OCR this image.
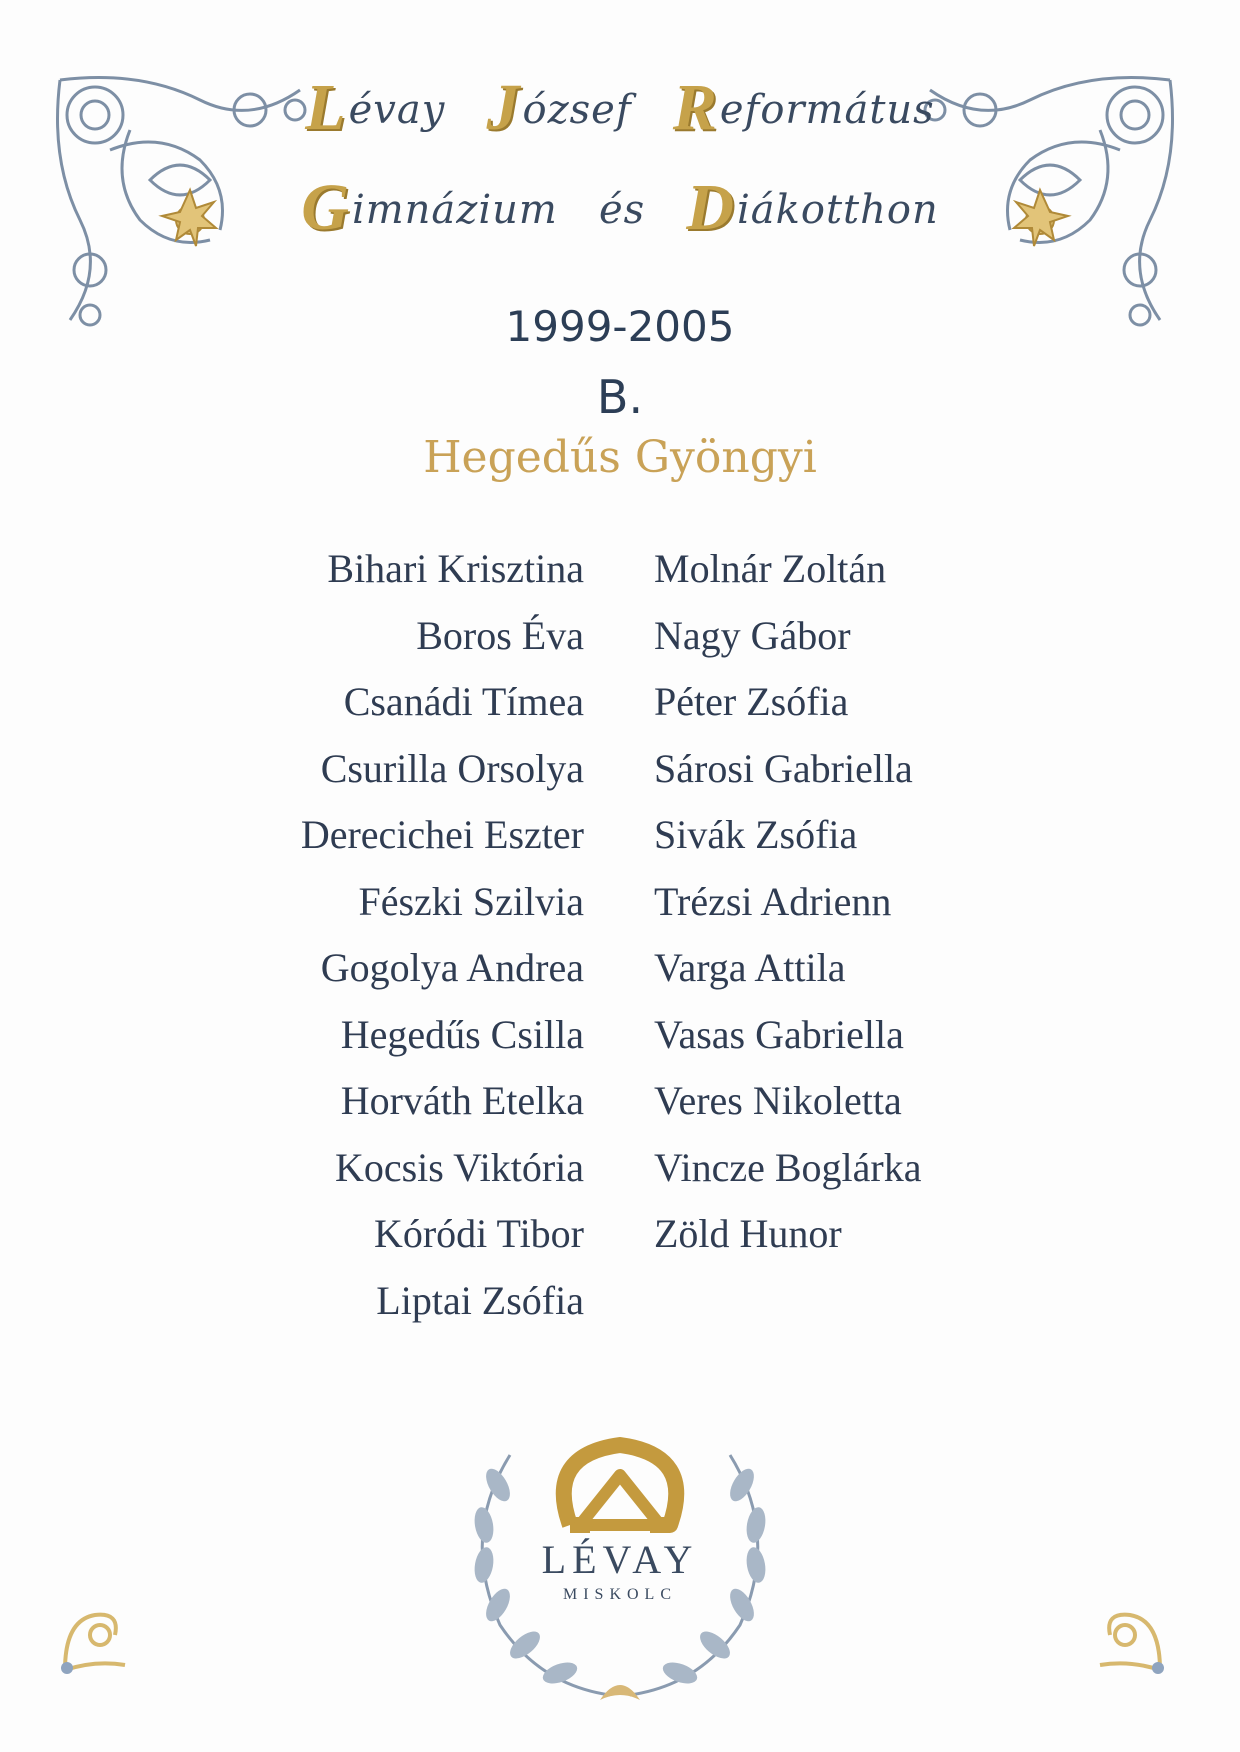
Lévay József Református
Gimnázium és Diákotthon
1999-2005
B.
Hegedűs Gyöngyi
Bihari Krisztina
Boros Éva
Csanádi Tímea
Csurilla Orsolya
Derecichei Eszter
Fészki Szilvia
Gogolya Andrea
Hegedűs Csilla
Horváth Etelka
Kocsis Viktória
Kóródi Tibor
Liptai Zsófia
Molnár Zoltán
Nagy Gábor
Péter Zsófia
Sárosi Gabriella
Sivák Zsófia
Trézsi Adrienn
Varga Attila
Vasas Gabriella
Veres Nikoletta
Vincze Boglárka
Zöld Hunor
LÉVAY
MISKOLC
